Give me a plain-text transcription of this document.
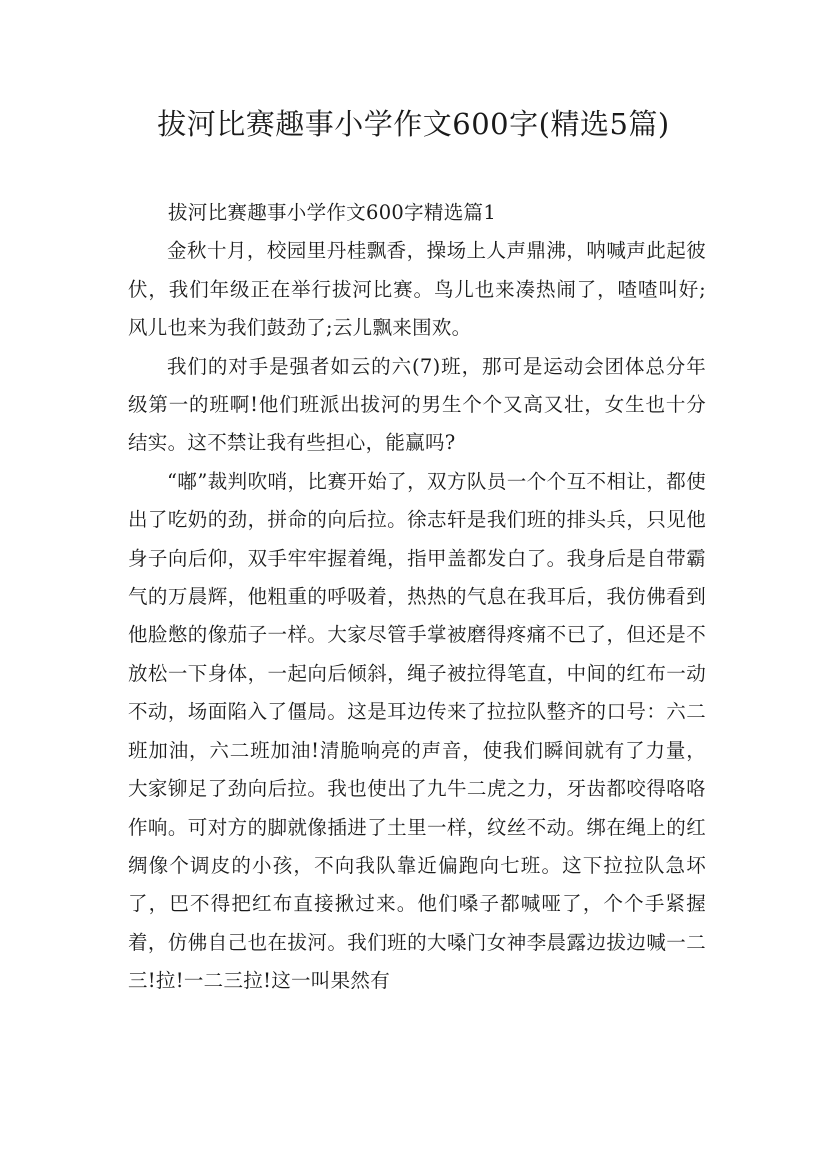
拔河比赛趣事小学作文600字(精选5篇)
拔河比赛趣事小学作文600字精选篇1

金秋十月，校园里丹桂飘香，操场上人声鼎沸，呐喊声此起彼伏，我们年级正在举行拔河比赛。鸟儿也来凑热闹了，喳喳叫好;风儿也来为我们鼓劲了;云儿飘来围欢。

我们的对手是强者如云的六(7)班，那可是运动会团体总分年级第一的班啊!他们班派出拔河的男生个个又高又壮，女生也十分结实。这不禁让我有些担心，能赢吗?

“嘟”裁判吹哨，比赛开始了，双方队员一个个互不相让，都使出了吃奶的劲，拼命的向后拉。徐志轩是我们班的排头兵，只见他身子向后仰，双手牢牢握着绳，指甲盖都发白了。我身后是自带霸气的万晨辉，他粗重的呼吸着，热热的气息在我耳后，我仿佛看到他脸憋的像茄子一样。大家尽管手掌被磨得疼痛不已了，但还是不放松一下身体，一起向后倾斜，绳子被拉得笔直，中间的红布一动不动，场面陷入了僵局。这是耳边传来了拉拉队整齐的口号：六二班加油，六二班加油!清脆响亮的声音，使我们瞬间就有了力量，大家铆足了劲向后拉。我也使出了九牛二虎之力，牙齿都咬得咯咯作响。可对方的脚就像插进了土里一样，纹丝不动。绑在绳上的红绸像个调皮的小孩，不向我队靠近偏跑向七班。这下拉拉队急坏了，巴不得把红布直接揪过来。他们嗓子都喊哑了，个个手紧握着，仿佛自己也在拔河。我们班的大嗓门女神李晨露边拔边喊一二三!拉!一二三拉!这一叫果然有
